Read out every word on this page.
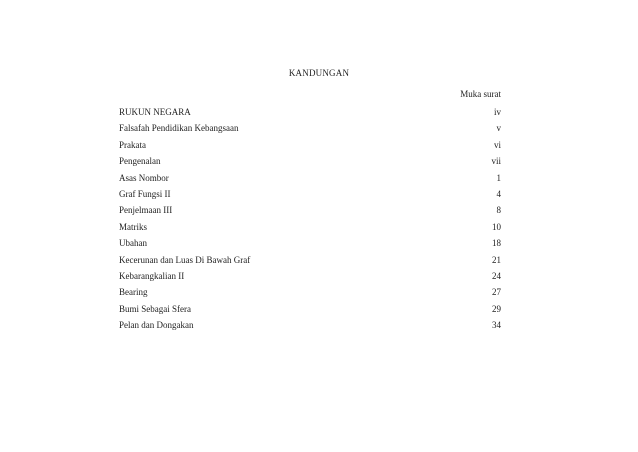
KANDUNGAN
Muka surat
RUKUN NEGARA	iv
Falsafah Pendidikan Kebangsaan	v
Prakata	vi
Pengenalan	vii
Asas Nombor	1
Graf Fungsi II	4
Penjelmaan III	8
Matriks	10
Ubahan	18
Kecerunan dan Luas Di Bawah Graf	21
Kebarangkalian II	24
Bearing	27
Bumi Sebagai Sfera	29
Pelan dan Dongakan	34
